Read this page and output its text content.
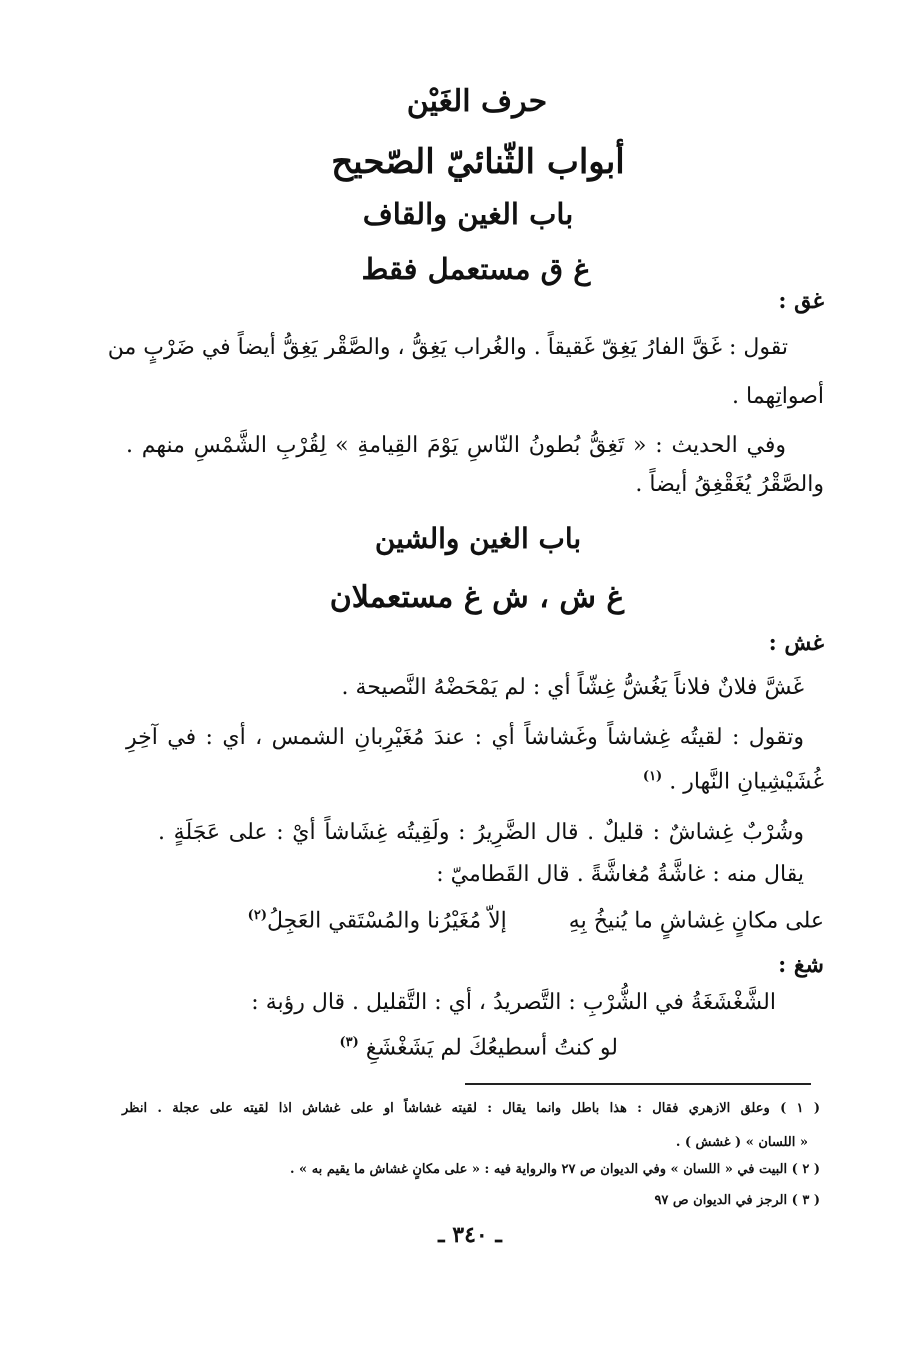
حرف الغَيْن
أبواب الثّنائيّ الصّحيح
باب الغين والقاف
غ ق مستعمل فقط
غق :
تقول : غَقَّ الفارُ يَغِقّ غَقيقاً . والغُراب يَغِقُّ ، والصَّقْر يَغِقُّ أيضاً في ضَرْبٍ من
أصواتِهما .
وفي الحديث : « تَغِقُّ بُطونُ النّاسِ يَوْمَ القِيامةِ » لِقُرْبِ الشَّمْسِ منهم .
والصَّقْرُ يُغَقْغِقُ أيضاً .
باب الغين والشين
غ ش ، ش غ مستعملان
غش :
غَشَّ فلانٌ فلاناً يَغُشُّ غِشّاً أي : لم يَمْحَضْهُ النَّصيحة .
وتقول : لقيتُه غِشاشاً وغَشاشاً أي : عندَ مُغَيْرِبانِ الشمس ، أي : في آخِرِ
غُشَيْشِيانِ النَّهار . $^{(١)}$
وشُرْبٌ غِشاشٌ : قليلٌ . قال الضَّرِيرُ : ولَقِيتُه غِشَاشاً أيْ : على عَجَلَةٍ .
يقال منه : غاشَّةُ مُغاشَّةً . قال القَطاميّ :
على مكانٍ غِشاشٍ ما يُنيخُ بِهِإلاّ مُغَيْرُنا والمُسْتَقي العَجِلُ$^{(٢)}$
شغ :
الشَّغْشَغَةُ في الشُّرْبِ : التَّصريدُ ، أي : التَّقليل . قال رؤبة :
لو كنتُ أسطيعُكَ لم يَشَغْشَغِ $^{(٣)}$
( ١ ) وعلق الازهري فقال : هذا باطل وانما يقال : لقيته غشاشاً او على غشاش اذا لقيته على عجلة . انظر
« اللسان » ( غشش ) .
( ٢ ) البيت في « اللسان » وفي الديوان ص ٢٧ والرواية فيه : « على مكانٍ غشاش ما يقيم به » .
( ٣ ) الرجز في الديوان ص ٩٧
ـ ٣٤٠ ـ
